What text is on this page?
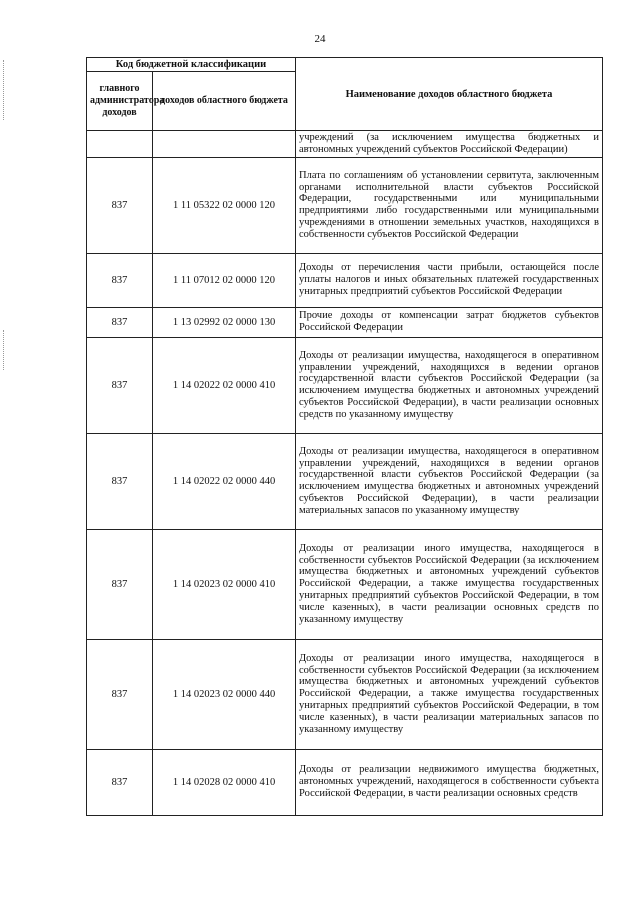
24
Код бюджетной классификации		Наименование доходов областного бюджета
главного администратора доходов	доходов областного бюджета	
		учреждений (за исключением имущества бюджетных и автономных учреждений субъектов Российской Федерации)
837	1 11 05322 02 0000 120	Плата по соглашениям об установлении сервитута, заключенным органами исполнительной власти субъектов Российской Федерации, государственными или муниципальными предприятиями либо государственными или муниципальными учреждениями в отношении земельных участков, находящихся в собственности субъектов Российской Федерации
837	1 11 07012 02 0000 120	Доходы от перечисления части прибыли, остающейся после уплаты налогов и иных обязательных платежей государственных унитарных предприятий субъектов Российской Федерации
837	1 13 02992 02 0000 130	Прочие доходы от компенсации затрат бюджетов субъектов Российской Федерации
837	1 14 02022 02 0000 410	Доходы от реализации имущества, находящегося в оперативном управлении учреждений, находящихся в ведении органов государственной власти субъектов Российской Федерации (за исключением имущества бюджетных и автономных учреждений субъектов Российской Федерации), в части реализации основных средств по указанному имуществу
837	1 14 02022 02 0000 440	Доходы от реализации имущества, находящегося в оперативном управлении учреждений, находящихся в ведении органов государственной власти субъектов Российской Федерации (за исключением имущества бюджетных и автономных учреждений субъектов Российской Федерации), в части реализации материальных запасов по указанному имуществу
837	1 14 02023 02 0000 410	Доходы от реализации иного имущества, находящегося в собственности субъектов Российской Федерации (за исключением имущества бюджетных и автономных учреждений субъектов Российской Федерации, а также имущества государственных унитарных предприятий субъектов Российской Федерации, в том числе казенных), в части реализации основных средств по указанному имуществу
837	1 14 02023 02 0000 440	Доходы от реализации иного имущества, находящегося в собственности субъектов Российской Федерации (за исключением имущества бюджетных и автономных учреждений субъектов Российской Федерации, а также имущества государственных унитарных предприятий субъектов Российской Федерации, в том числе казенных), в части реализации материальных запасов по указанному имуществу
837	1 14 02028 02 0000 410	Доходы от реализации недвижимого имущества бюджетных, автономных учреждений, находящегося в собственности субъекта Российской Федерации, в части реализации основных средств
